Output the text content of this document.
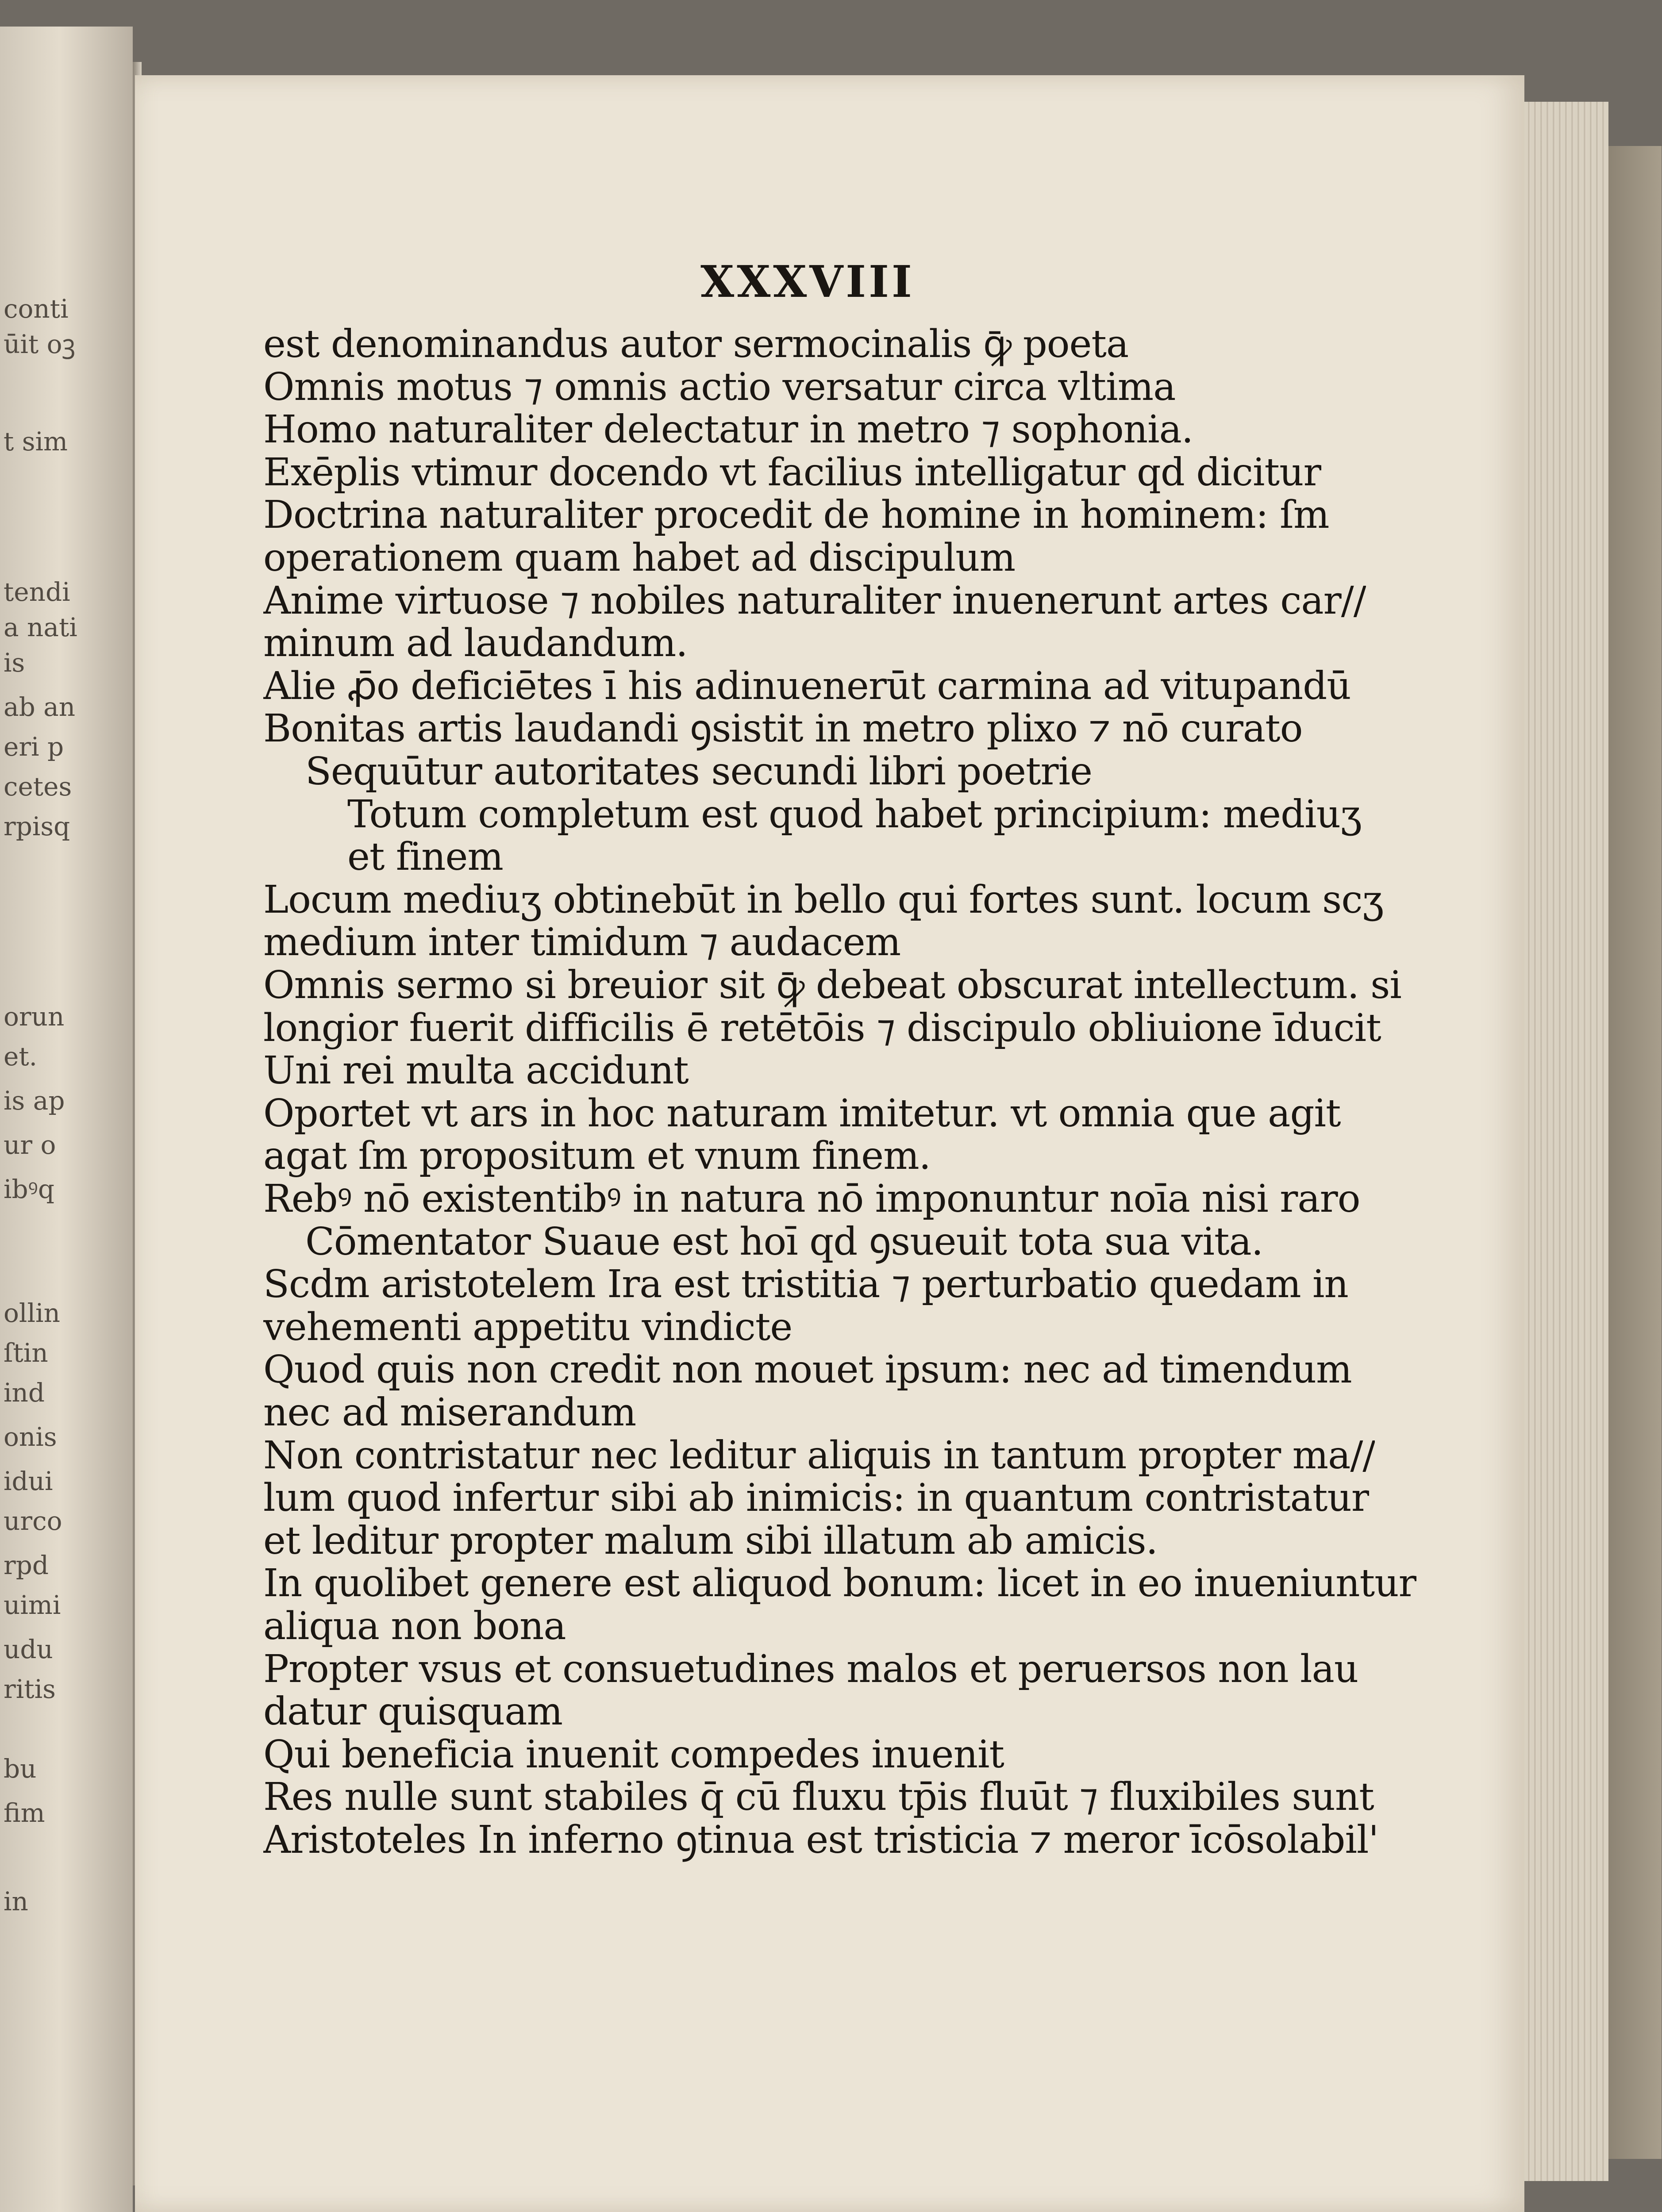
conti
ūit oꝫ
t sim
tendi
a nati
is
ab an
eri p
cetes
rpisq
orun
et.
is ap
ur o
ibꝰq
ollin
ſtin
ind
onis
idui
urco
rpd
uimi
udu
ritis
bu
fim
in
XXXVIII
est denominandus autor sermocinalis ꝙ̄ poeta
Omnis motus ⁊ omnis actio versatur circa vltima
Homo naturaliter delectatur in metro ⁊ sophonia.
Exēplis vtimur docendo vt facilius intelligatur qd dicitur
Doctrina naturaliter procedit de homine in hominem: ſm
operationem quam habet ad discipulum
Anime virtuose ⁊ nobiles naturaliter inuenerunt artes car//
minum ad laudandum.
Alie ꝓ̄o deficiētes ī his adinuenerūt carmina ad vitupandū
Bonitas artis laudandi ꝯsistit in metro plixo ⁊ nō curato
Sequūtur autoritates secundi libri poetrie
Totum completum est quod habet principium: mediuʒ
et finem
Locum mediuʒ obtinebūt in bello qui fortes sunt. locum scʒ
medium inter timidum ⁊ audacem
Omnis sermo si breuior sit ꝙ̄ debeat obscurat intellectum. si
longior fuerit difficilis ē retētōis ⁊ discipulo obliuione īducit
Uni rei multa accidunt
Oportet vt ars in hoc naturam imitetur. vt omnia que agit
agat ſm propositum et vnum finem.
Rebꝰ nō existentibꝰ in natura nō imponuntur noīa nisi raro
Cōmentator Suaue est hoī qd ꝯsueuit tota sua vita.
Scdm aristotelem Ira est tristitia ⁊ perturbatio quedam in
vehementi appetitu vindicte
Quod quis non credit non mouet ipsum: nec ad timendum
nec ad miserandum
Non contristatur nec leditur aliquis in tantum propter ma//
lum quod infertur sibi ab inimicis: in quantum contristatur
et leditur propter malum sibi illatum ab amicis.
In quolibet genere est aliquod bonum: licet in eo inueniuntur
aliqua non bona
Propter vsus et consuetudines malos et peruersos non lau
datur quisquam
Qui beneficia inuenit compedes inuenit
Res nulle sunt stabiles q̄ cū fluxu tp̄is fluūt ⁊ fluxibiles sunt
Aristoteles In inferno ꝯtinua est tristicia ⁊ meror īcōsolabil'
